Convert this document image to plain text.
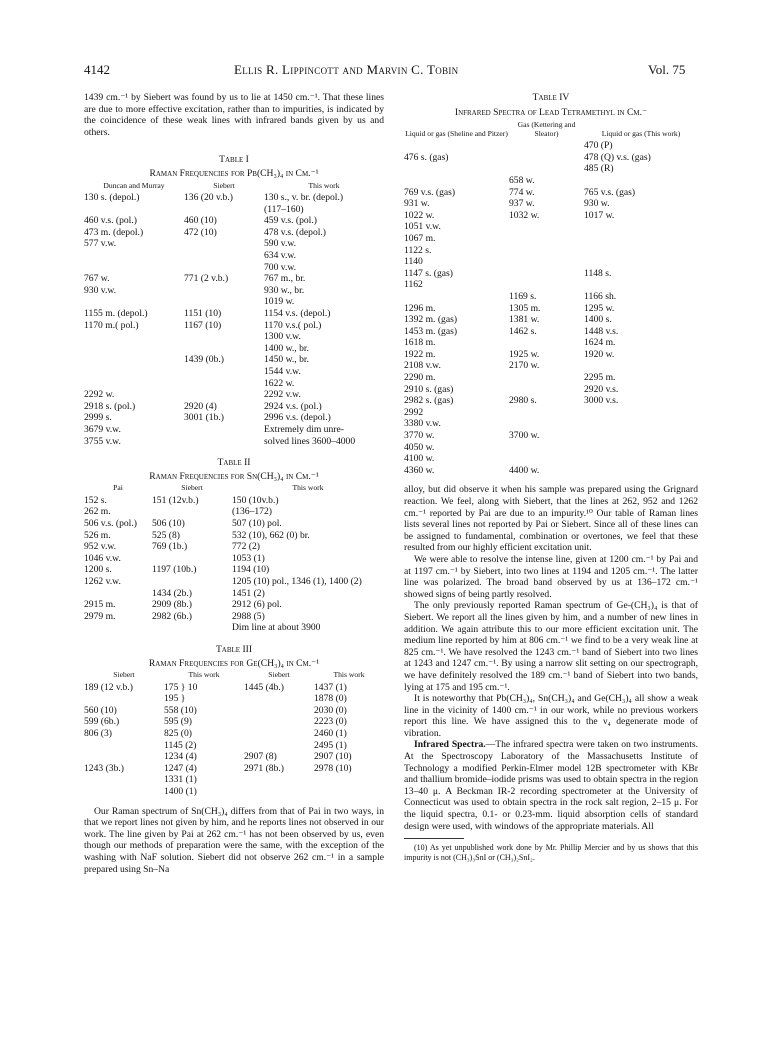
4142	Ellis R. Lippincott and Marvin C. Tobin	Vol. 75

1439 cm.⁻¹ by Siebert was found by us to lie at 1450 cm.⁻¹. That these lines are due to more effective excitation, rather than to impurities, is indicated by the coincidence of these weak lines with infrared bands given by us and others.

Table I
Raman Frequencies for Pb(CH₃)₄ in Cm.⁻¹
Duncan and Murray	Siebert	This work
130 s. (depol.)	136 (20 v.b.)	130 s., v. br. (depol.)
		(117–160)
460 v.s. (pol.)	460 (10)	459 v.s. (pol.)
473 m. (depol.)	472 (10)	478 v.s. (depol.)
577 v.w.		590 v.w.
		634 v.w.
		700 v.w.
767 w.	771 (2 v.b.)	767 m., br.
930 v.w.		930 w., br.
		1019 w.
1155 m. (depol.)	1151 (10)	1154 v.s. (depol.)
1170 m.( pol.)	1167 (10)	1170 v.s.( pol.)
		1300 v.w.
		1400 w., br.
	1439 (0b.)	1450 w., br.
		1544 v.w.
		1622 w.
2292 w.		2292 v.w.
2918 s. (pol.)	2920 (4)	2924 v.s. (pol.)
2999 s.	3001 (1b.)	2996 v.s. (depol.)
3679 v.w.		Extremely dim unre-
3755 v.w.		solved lines 3600–4000
Table II
Raman Frequencies for Sn(CH₃)₄ in Cm.⁻¹
Pai	Siebert	This work
152 s.	151 (12v.b.)	150 (10v.b.)
262 m.		(136–172)
506 v.s. (pol.)	506 (10)	507 (10) pol.
526 m.	525 (8)	532 (10), 662 (0) br.
952 v.w.	769 (1b.)	772 (2)
1046 v.w.		1053 (1)
1200 s.	1197 (10b.)	1194 (10)
1262 v.w.		1205 (10) pol., 1346 (1), 1400 (2)
	1434 (2b.)	1451 (2)
2915 m.	2909 (8b.)	2912 (6) pol.
2979 m.	2982 (6b.)	2988 (5)
		Dim line at about 3900
Table III
Raman Frequencies for Ge(CH₃)₄ in Cm.⁻¹
Siebert	This work	Siebert	This work
189 (12 v.b.)	175 } 10	1445 (4b.)	1437 (1)
	195 }		1878 (0)
560 (10)	558 (10)		2030 (0)
599 (6b.)	595 (9)		2223 (0)
806 (3)	825 (0)		2460 (1)
	1145 (2)		2495 (1)
	1234 (4)	2907 (8)	2907 (10)
1243 (3b.)	1247 (4)	2971 (8b.)	2978 (10)
	1331 (1)		
	1400 (1)		

Our Raman spectrum of Sn(CH₃)₄ differs from that of Pai in two ways, in that we report lines not given by him, and he reports lines not observed in our work. The line given by Pai at 262 cm.⁻¹ has not been observed by us, even though our methods of preparation were the same, with the exception of the washing with NaF solution. Siebert did not observe 262 cm.⁻¹ in a sample prepared using Sn–Na

Table IV
Infrared Spectra of Lead Tetramethyl in Cm.⁻
Liquid or gas (Sheline and Pitzer)	Gas (Kettering and Sleator)	Liquid or gas (This work)
		470 (P)
476 s. (gas)		478 (Q) v.s. (gas)
		485 (R)
	658 w.	
769 v.s. (gas)	774 w.	765 v.s. (gas)
931 w.	937 w.	930 w.
1022 w.	1032 w.	1017 w.
1051 v.w.		
1067 m.		
1122 s.		
1140		
1147 s. (gas)		1148 s.
1162		
	1169 s.	1166 sh.
1296 m.	1305 m.	1295 w.
1392 m. (gas)	1381 w.	1400 s.
1453 m. (gas)	1462 s.	1448 v.s.
1618 m.		1624 m.
1922 m.	1925 w.	1920 w.
2108 v.w.	2170 w.	
2290 m.		2295 m.
2910 s. (gas)		2920 v.s.
2982 s. (gas)	2980 s.	3000 v.s.
2992		
3380 v.w.		
3770 w.	3700 w.	
4050 w.		
4100 w.		
4360 w.	4400 w.	

alloy, but did observe it when his sample was prepared using the Grignard reaction. We feel, along with Siebert, that the lines at 262, 952 and 1262 cm.⁻¹ reported by Pai are due to an impurity.¹⁰ Our table of Raman lines lists several lines not reported by Pai or Siebert. Since all of these lines can be assigned to fundamental, combination or overtones, we feel that these resulted from our highly efficient excitation unit.

We were able to resolve the intense line, given at 1200 cm.⁻¹ by Pai and at 1197 cm.⁻¹ by Siebert, into two lines at 1194 and 1205 cm.⁻¹. The latter line was polarized. The broad band observed by us at 136–172 cm.⁻¹ showed signs of being partly resolved.

The only previously reported Raman spectrum of Ge-(CH₃)₄ is that of Siebert. We report all the lines given by him, and a number of new lines in addition. We again attribute this to our more efficient excitation unit. The medium line reported by him at 806 cm.⁻¹ we find to be a very weak line at 825 cm.⁻¹. We have resolved the 1243 cm.⁻¹ band of Siebert into two lines at 1243 and 1247 cm.⁻¹. By using a narrow slit setting on our spectrograph, we have definitely resolved the 189 cm.⁻¹ band of Siebert into two bands, lying at 175 and 195 cm.⁻¹.

It is noteworthy that Pb(CH₃)₄, Sn(CH₃)₄ and Ge(CH₃)₄ all show a weak line in the vicinity of 1400 cm.⁻¹ in our work, while no previous workers report this line. We have assigned this to the ν₄ degenerate mode of vibration.

Infrared Spectra.—The infrared spectra were taken on two instruments. At the Spectroscopy Laboratory of the Massachusetts Institute of Technology a modified Perkin-Elmer model 12B spectrometer with KBr and thallium bromide–iodide prisms was used to obtain spectra in the region 13–40 μ. A Beckman IR-2 recording spectrometer at the University of Connecticut was used to obtain spectra in the rock salt region, 2–15 μ. For the liquid spectra, 0.1- or 0.23-mm. liquid absorption cells of standard design were used, with windows of the appropriate materials. All

(10) As yet unpublished work done by Mr. Phillip Mercier and by us shows that this impurity is not (CH₃)₃SnI or (CH₃)₂SnI₂.
